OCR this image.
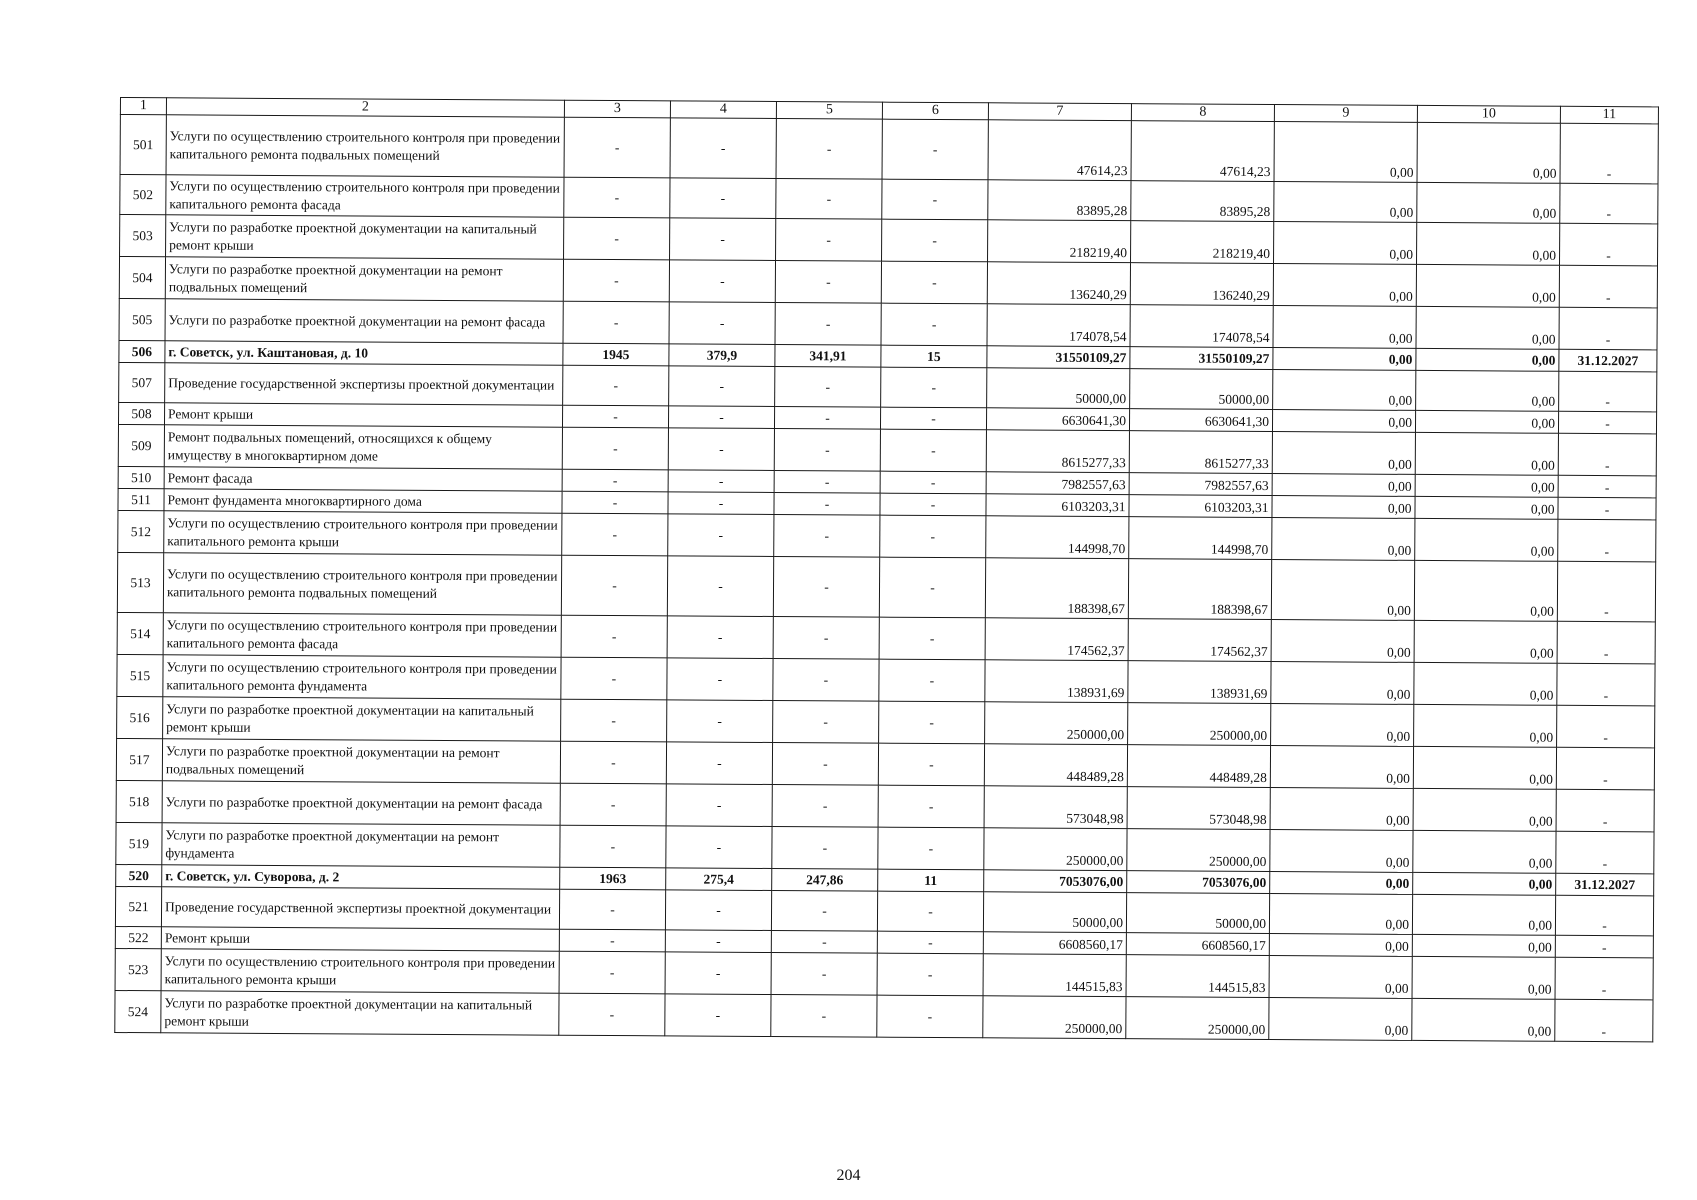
1	2	3	4	5	6	7	8	9	10	11
501	Услуги по осуществлению строительного контроля при проведении капитального ремонта подвальных помещений	-	-	-	-	47614,23	47614,23	0,00	0,00	-
502	Услуги по осуществлению строительного контроля при проведении капитального ремонта фасада	-	-	-	-	83895,28	83895,28	0,00	0,00	-
503	Услуги по разработке проектной документации на капитальный ремонт крыши	-	-	-	-	218219,40	218219,40	0,00	0,00	-
504	Услуги по разработке проектной документации на ремонт подвальных помещений	-	-	-	-	136240,29	136240,29	0,00	0,00	-
505	Услуги по разработке проектной документации на ремонт фасада	-	-	-	-	174078,54	174078,54	0,00	0,00	-
506	г. Советск, ул. Каштановая, д. 10	1945	379,9	341,91	15	31550109,27	31550109,27	0,00	0,00	31.12.2027
507	Проведение государственной экспертизы проектной документации	-	-	-	-	50000,00	50000,00	0,00	0,00	-
508	Ремонт крыши	-	-	-	-	6630641,30	6630641,30	0,00	0,00	-
509	Ремонт подвальных помещений, относящихся к общему имуществу в многоквартирном доме	-	-	-	-	8615277,33	8615277,33	0,00	0,00	-
510	Ремонт фасада	-	-	-	-	7982557,63	7982557,63	0,00	0,00	-
511	Ремонт фундамента многоквартирного дома	-	-	-	-	6103203,31	6103203,31	0,00	0,00	-
512	Услуги по осуществлению строительного контроля при проведении капитального ремонта крыши	-	-	-	-	144998,70	144998,70	0,00	0,00	-
513	Услуги по осуществлению строительного контроля при проведении капитального ремонта подвальных помещений	-	-	-	-	188398,67	188398,67	0,00	0,00	-
514	Услуги по осуществлению строительного контроля при проведении капитального ремонта фасада	-	-	-	-	174562,37	174562,37	0,00	0,00	-
515	Услуги по осуществлению строительного контроля при проведении капитального ремонта фундамента	-	-	-	-	138931,69	138931,69	0,00	0,00	-
516	Услуги по разработке проектной документации на капитальный ремонт крыши	-	-	-	-	250000,00	250000,00	0,00	0,00	-
517	Услуги по разработке проектной документации на ремонт подвальных помещений	-	-	-	-	448489,28	448489,28	0,00	0,00	-
518	Услуги по разработке проектной документации на ремонт фасада	-	-	-	-	573048,98	573048,98	0,00	0,00	-
519	Услуги по разработке проектной документации на ремонт фундамента	-	-	-	-	250000,00	250000,00	0,00	0,00	-
520	г. Советск, ул. Суворова, д. 2	1963	275,4	247,86	11	7053076,00	7053076,00	0,00	0,00	31.12.2027
521	Проведение государственной экспертизы проектной документации	-	-	-	-	50000,00	50000,00	0,00	0,00	-
522	Ремонт крыши	-	-	-	-	6608560,17	6608560,17	0,00	0,00	-
523	Услуги по осуществлению строительного контроля при проведении капитального ремонта крыши	-	-	-	-	144515,83	144515,83	0,00	0,00	-
524	Услуги по разработке проектной документации на капитальный ремонт крыши	-	-	-	-	250000,00	250000,00	0,00	0,00	-
204
